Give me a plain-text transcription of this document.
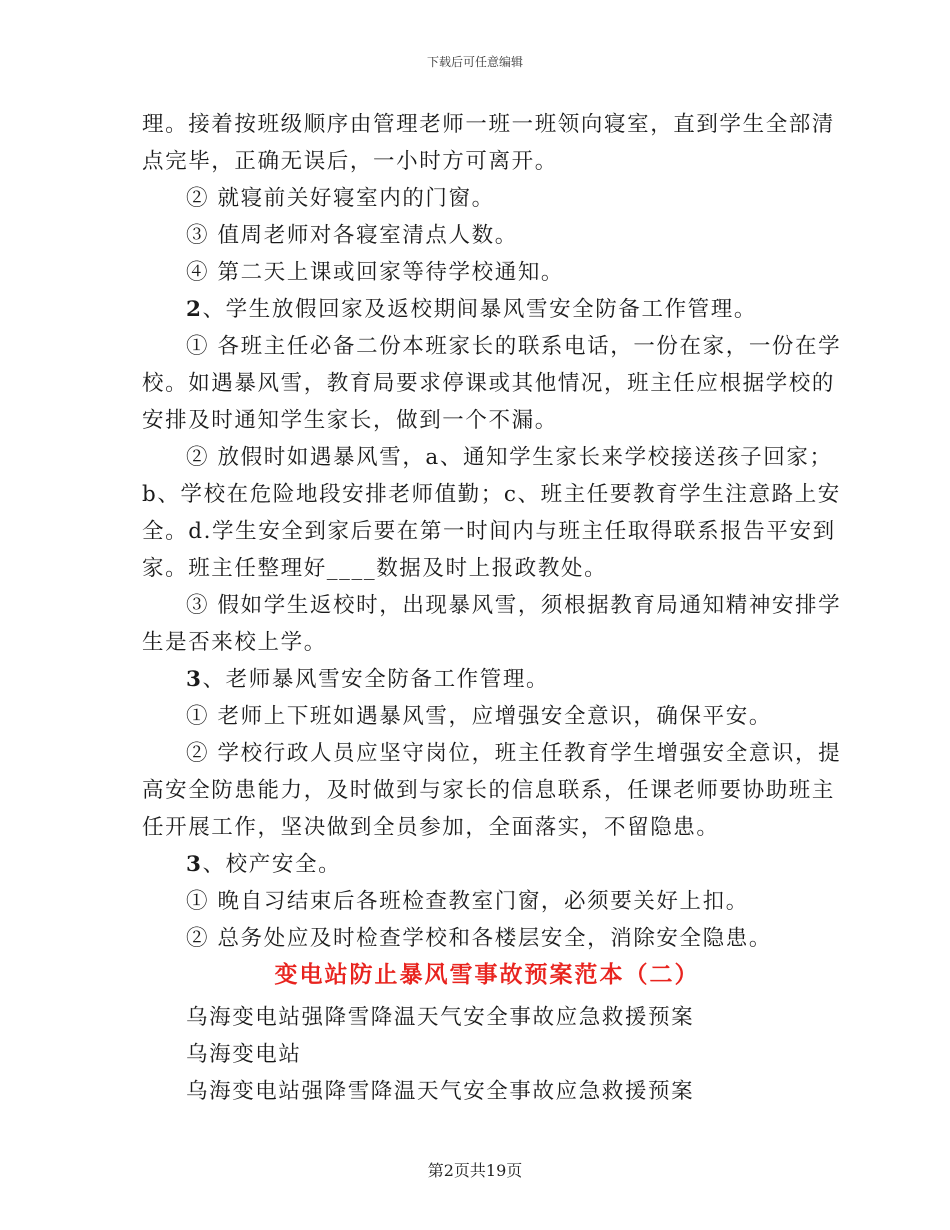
下载后可任意编辑
理。接着按班级顺序由管理老师一班一班领向寝室，直到学生全部清
点完毕，正确无误后，一小时方可离开。
② 就寝前关好寝室内的门窗。
③ 值周老师对各寝室清点人数。
④ 第二天上课或回家等待学校通知。
2、学生放假回家及返校期间暴风雪安全防备工作管理。
① 各班主任必备二份本班家长的联系电话，一份在家，一份在学
校。如遇暴风雪，教育局要求停课或其他情况，班主任应根据学校的
安排及时通知学生家长，做到一个不漏。
② 放假时如遇暴风雪，a、通知学生家长来学校接送孩子回家；
b、学校在危险地段安排老师值勤；c、班主任要教育学生注意路上安
全。d.学生安全到家后要在第一时间内与班主任取得联系报告平安到
家。班主任整理好____数据及时上报政教处。
③ 假如学生返校时，出现暴风雪，须根据教育局通知精神安排学
生是否来校上学。
3、老师暴风雪安全防备工作管理。
① 老师上下班如遇暴风雪，应增强安全意识，确保平安。
② 学校行政人员应坚守岗位，班主任教育学生增强安全意识，提
高安全防患能力，及时做到与家长的信息联系，任课老师要协助班主
任开展工作，坚决做到全员参加，全面落实，不留隐患。
3、校产安全。
① 晚自习结束后各班检查教室门窗，必须要关好上扣。
② 总务处应及时检查学校和各楼层安全，消除安全隐患。
变电站防止暴风雪事故预案范本（二）
乌海变电站强降雪降温天气安全事故应急救援预案
乌海变电站
乌海变电站强降雪降温天气安全事故应急救援预案
第2页共19页
